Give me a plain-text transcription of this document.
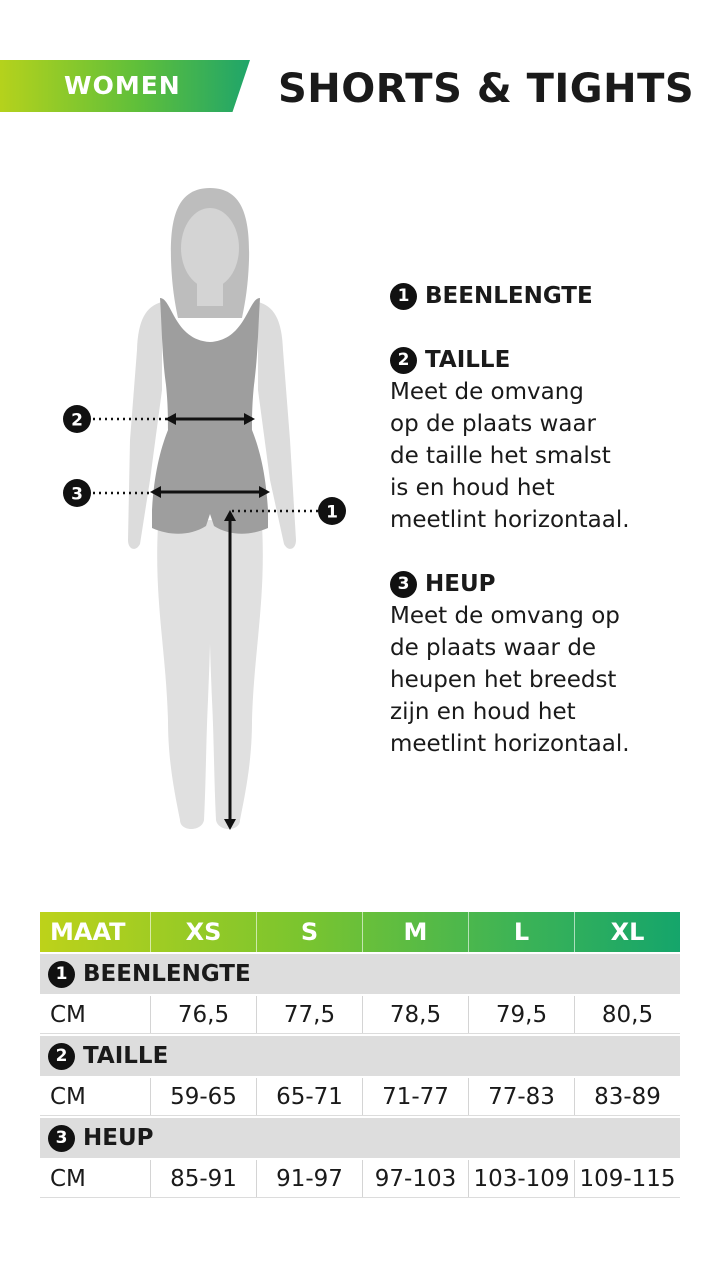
WOMEN SHORTS & TIGHTS
2
3
1
1 BEENLENGTE
2 TAILLE
Meet de omvang
op de plaats waar
de taille het smalst
is en houd het
meetlint horizontaal.
3 HEUP
Meet de omvang op
de plaats waar de
heupen het breedst
zijn en houd het
meetlint horizontaal.
MAAT	XS	S	M	L	XL
1 BEENLENGTE
CM	76,5	77,5	78,5	79,5	80,5
2 TAILLE
CM	59-65	65-71	71-77	77-83	83-89
3 HEUP
CM	85-91	91-97	97-103 103-109 109-115
